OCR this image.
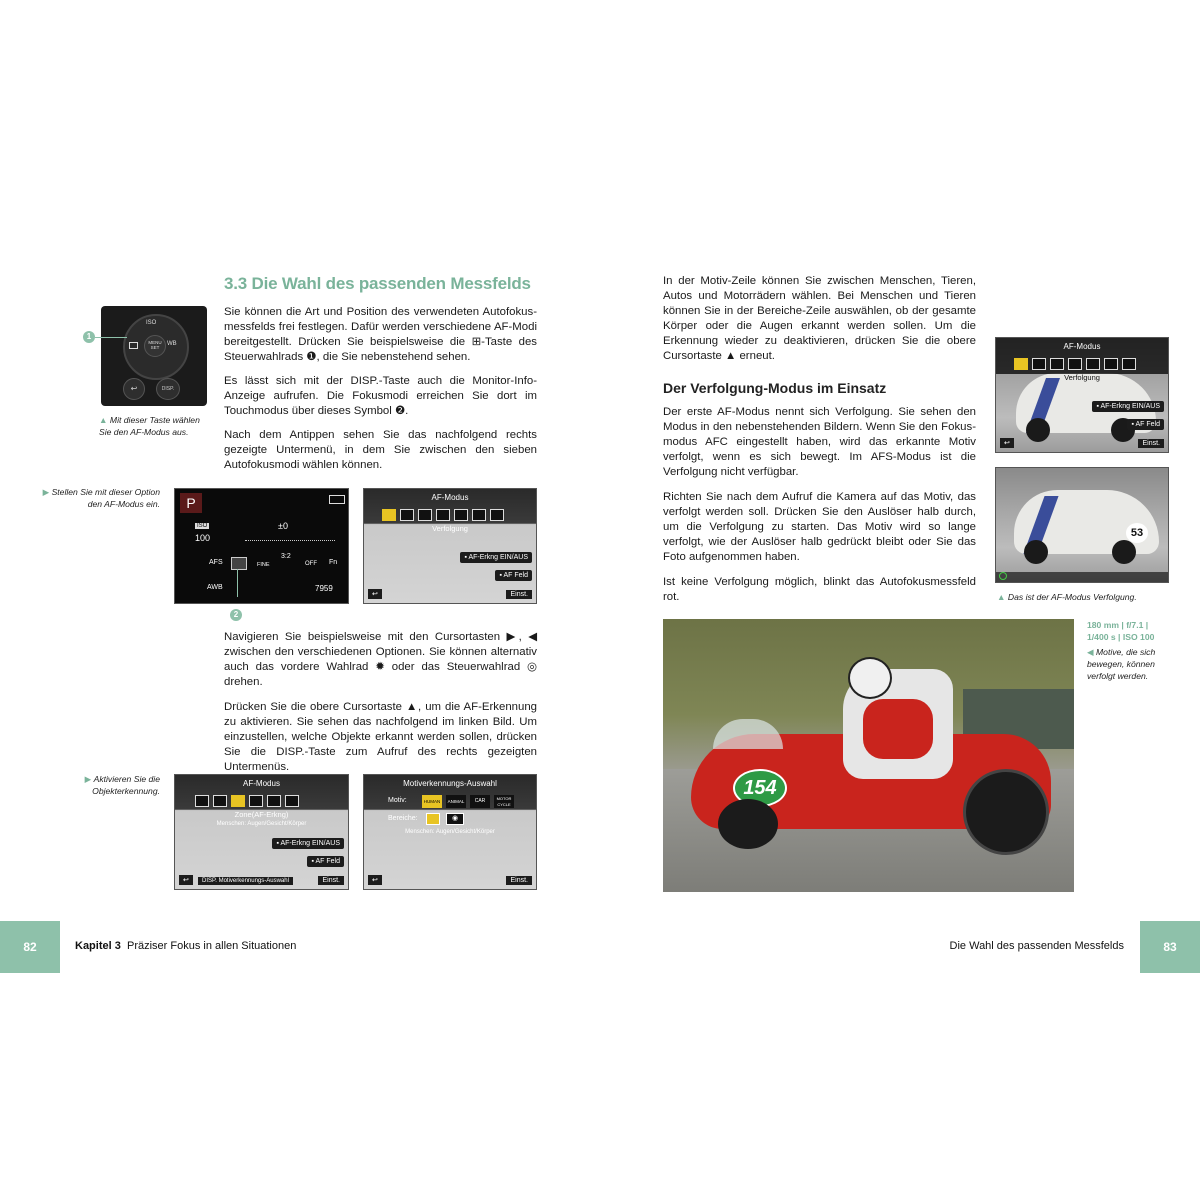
3.3 Die Wahl des passenden Messfelds
ISO
WB
MENU SET
↩	DISP.
1
▲ Mit dieser Taste wählen Sie den AF-Modus aus.
Sie können die Art und Position des verwendeten Autofokusmessfelds frei festlegen. Dafür werden verschiedene AF-Modi bereitgestellt. Drücken Sie beispielsweise die ⊞-Taste des Steuerwahlrads ❶, die Sie nebenstehend sehen.
Es lässt sich mit der DISP.-Taste auch die Monitor-Info-Anzeige aufrufen. Die Fokusmodi erreichen Sie dort im Touchmodus über dieses Symbol ❷.
Nach dem Antippen sehen Sie das nachfolgend rechts gezeigte Untermenü, in dem Sie zwischen den sieben Autofokusmodi wählen können.
▶ Stellen Sie mit dieser Option den AF-Modus ein.	P
ISO
100
±0
AFS	FINE
3:2
OFF Fn
AWB	7959
2
AF-Modus
Verfolgung
▪ AF-Erkng EIN/AUS
▪ AF Feld
↩	Einst.
Navigieren Sie beispielsweise mit den Cursortasten ▶, ◀ zwischen den verschiedenen Optionen. Sie können alternativ auch das vordere Wahlrad ✹ oder das Steuerwahlrad ◎ drehen.
Drücken Sie die obere Cursortaste ▲, um die AF-Erkennung zu aktivieren. Sie sehen das nachfolgend im linken Bild. Um einzustellen, welche Objekte erkannt werden sollen, drücken Sie die DISP.-Taste zum Aufruf des rechts gezeigten Untermenüs.
▶ Aktivieren Sie die Objekterkennung.
AF-Modus
Zone(AF-Erkng)
Menschen: Augen/Gesicht/Körper
▪ AF-Erkng EIN/AUS
▪ AF Feld
↩	DISP. Motiverkennungs-Auswahl	Einst.
Motiverkennungs-Auswahl
Motiv:	HUMAN	ANIMAL	CAR	MOTOR CYCLE
Bereiche:	◉
Menschen: Augen/Gesicht/Körper
↩	Einst.
In der Motiv-Zeile können Sie zwischen Menschen, Tieren, Autos und Motorrädern wählen. Bei Menschen und Tieren können Sie in der Bereiche-Zeile auswählen, ob der gesamte Körper oder die Augen erkannt werden sollen. Um die Erkennung wieder zu deaktivieren, drücken Sie die obere Cursortaste ▲ erneut.
Der Verfolgung-Modus im Einsatz
Der erste AF-Modus nennt sich Verfolgung. Sie sehen den Modus in den nebenstehenden Bildern. Wenn Sie den Fokusmodus AFC eingestellt haben, wird das erkannte Motiv verfolgt, wenn es sich bewegt. Im AFS-Modus ist die Verfolgung nicht verfügbar.
Richten Sie nach dem Aufruf die Kamera auf das Motiv, das verfolgt werden soll. Drücken Sie den Auslöser halb durch, um die Verfolgung zu starten. Das Motiv wird so lange verfolgt, wie der Auslöser halb gedrückt bleibt oder Sie das Foto aufgenommen haben.
Ist keine Verfolgung möglich, blinkt das Autofokusmessfeld rot.
AF-Modus
Verfolgung
▪ AF-Erkng EIN/AUS
▪ AF Feld
↩	Einst.
53
▲ Das ist der AF-Modus Verfolgung.
154
180 mm | f/7.1 | 1/400 s | ISO 100
◀ Motive, die sich bewegen, können verfolgt werden.
82	Kapitel 3 Präziser Fokus in allen Situationen	Die Wahl des passenden Messfelds	83
